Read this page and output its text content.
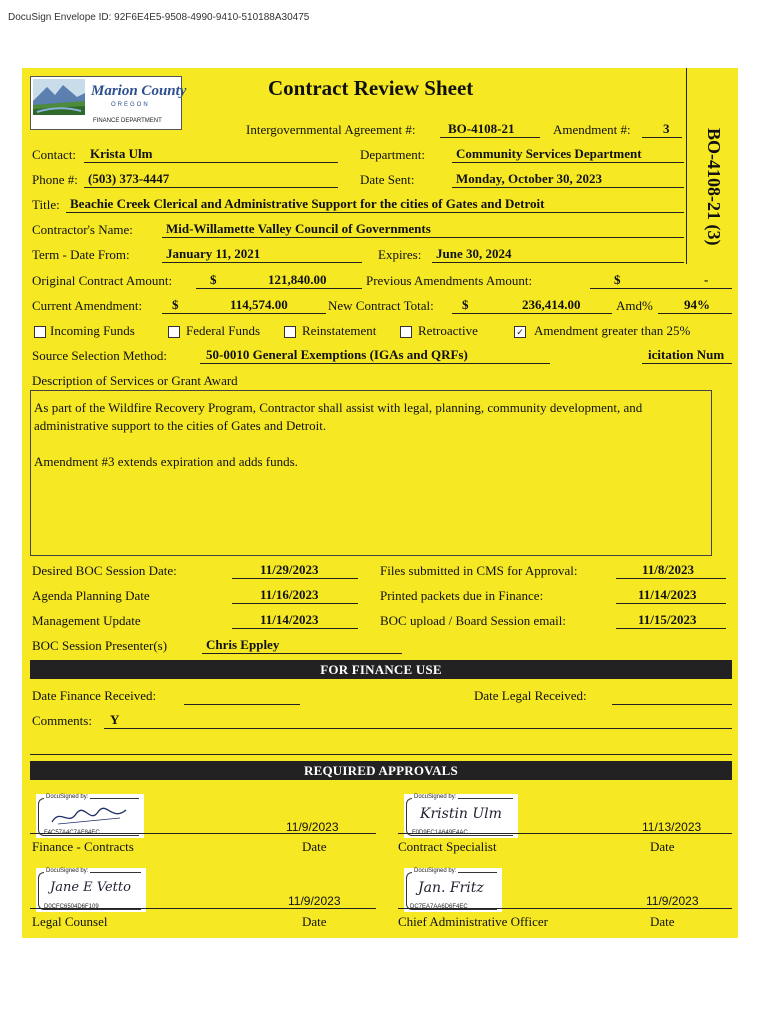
DocuSign Envelope ID: 92F6E4E5-9508-4990-9410-510188A30475
Marion County
OREGON
FINANCE DEPARTMENT
Contract Review Sheet
BO-4108-21 (3)
Intergovernmental Agreement #:	BO-4108-21	Amendment #: 3
Contact: Krista Ulm	Department: Community Services Department
Phone #: (503) 373-4447	Date Sent:	Monday, October 30, 2023
Title: Beachie Creek Clerical and Administrative Support for the cities of Gates and Detroit
Contractor's Name:	Mid-Willamette Valley Council of Governments
Term - Date From:	January 11, 2021	Expires: June 30, 2024
Original Contract Amount:	$	121,840.00	Previous Amendments Amount:	$	-
Current Amendment: $	114,574.00	New Contract Total: $	236,414.00	Amd% 94%
Incoming Funds	Federal Funds	Reinstatement	Retroactive	✓ Amendment greater than 25%
Source Selection Method:	50-0010 General Exemptions (IGAs and QRFs)	icitation Num
Description of Services or Grant Award
As part of the Wildfire Recovery Program, Contractor shall assist with legal, planning, community development, and administrative support to the cities of Gates and Detroit.
Amendment #3 extends expiration and adds funds.
Desired BOC Session Date:	11/29/2023	Files submitted in CMS for Approval:	11/8/2023
Agenda Planning Date	11/16/2023	Printed packets due in Finance:	11/14/2023
Management Update	11/14/2023	BOC upload / Board Session email:	11/15/2023
BOC Session Presenter(s)	Chris Eppley
FOR FINANCE USE
Date Finance Received:	Date Legal Received:
Comments: Y
REQUIRED APPROVALS
DocuSigned by:
F4C57A4C7AF84EC	11/9/2023
Finance - Contracts	Date
DocuSigned by:
Kristin Ulm
F0D9FC1A649E4AC	11/13/2023
Contract Specialist	Date
DocuSigned by:
Jane E Vetto
D0CFC6504D6F109	11/9/2023
Legal Counsel	Date
DocuSigned by:
Jan. Fritz
DC7EA7AA6D6F4EC	11/9/2023
Chief Administrative Officer	Date
